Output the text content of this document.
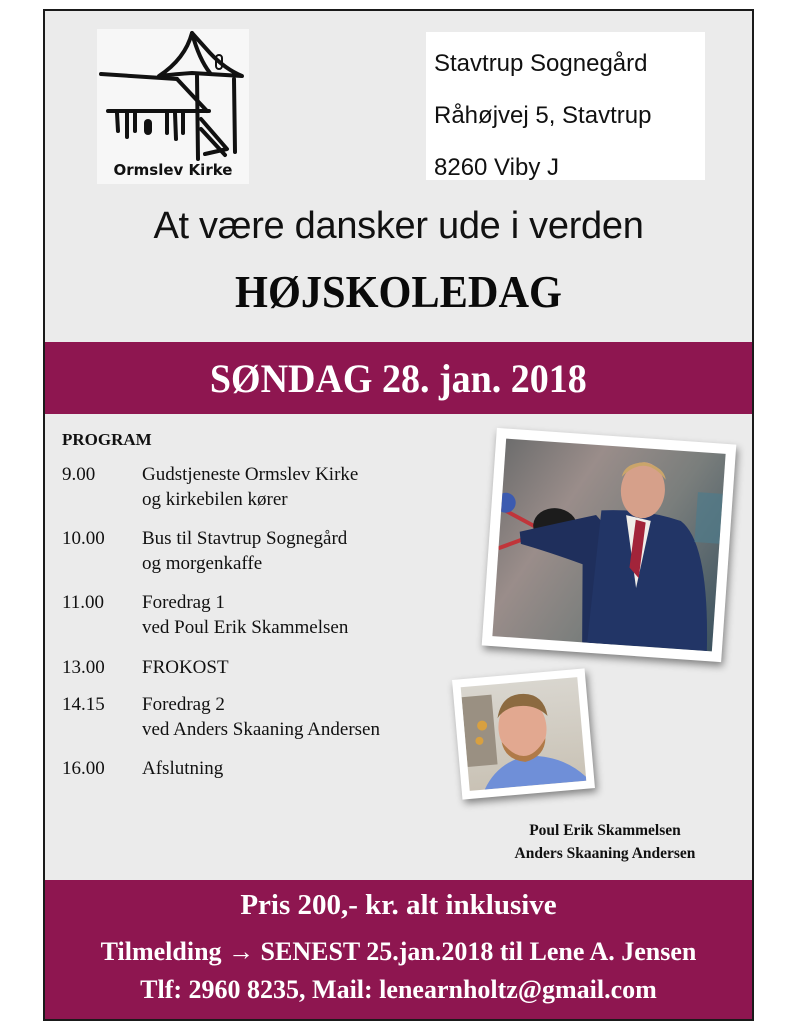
Ormslev Kirke
Stavtrup Sognegård
Råhøjvej 5, Stavtrup
8260 Viby J
At være dansker ude i verden
HØJSKOLEDAG
SØNDAG 28. jan. 2018
PROGRAM
9.00	Gudstjeneste Ormslev Kirke
og kirkebilen kører
10.00	Bus til Stavtrup Sognegård
og morgenkaffe
11.00	Foredrag 1
ved Poul Erik Skammelsen
13.00	FROKOST
14.15	Foredrag 2
ved Anders Skaaning Andersen
16.00	Afslutning
Poul Erik Skammelsen
Anders Skaaning Andersen
Pris 200,- kr. alt inklusive
Tilmelding → SENEST 25.jan.2018 til Lene A. Jensen
Tlf: 2960 8235, Mail: lenearnholtz@gmail.com
